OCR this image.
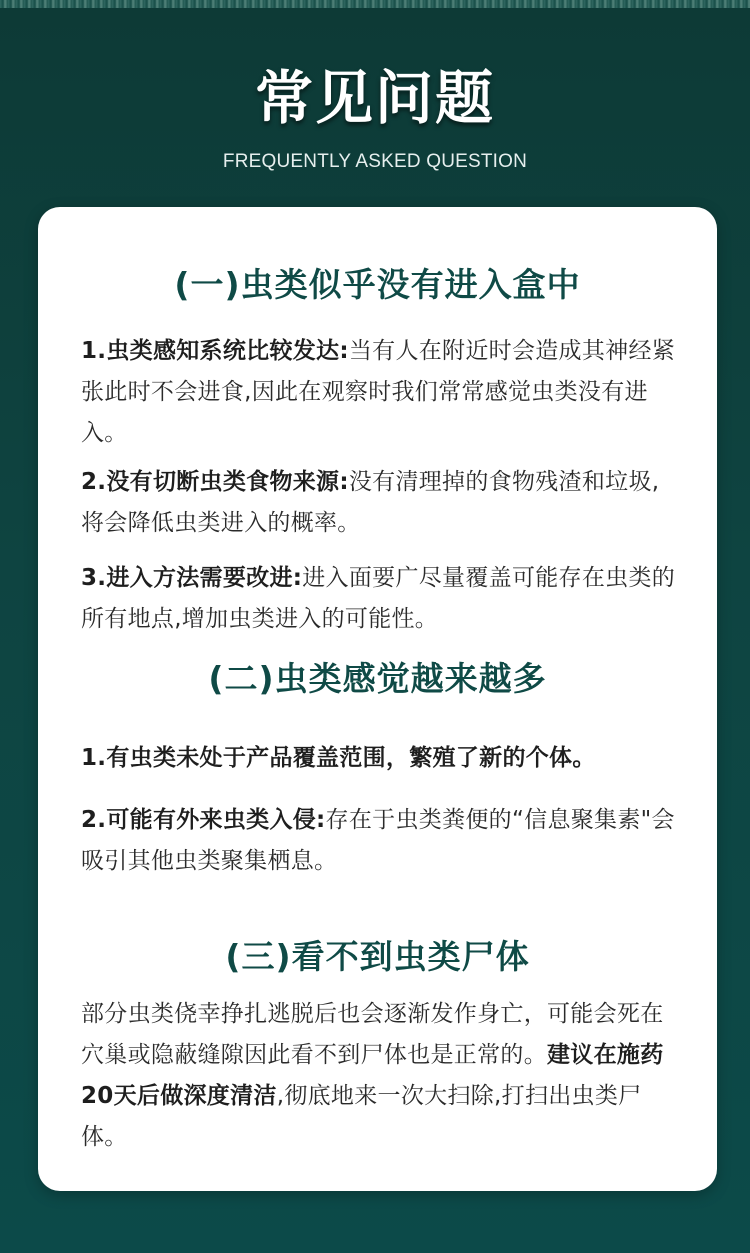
常见问题
FREQUENTLY ASKED QUESTION
(一)虫类似乎没有进入盒中
1.虫类感知系统比较发达:当有人在附近时会造成其神经紧张此时不会进食,因此在观察时我们常常感觉虫类没有进入。
2.没有切断虫类食物来源:没有清理掉的食物残渣和垃圾,将会降低虫类进入的概率。
3.进入方法需要改进:进入面要广尽量覆盖可能存在虫类的所有地点,增加虫类进入的可能性。
(二)虫类感觉越来越多
1.有虫类未处于产品覆盖范围，繁殖了新的个体。
2.可能有外来虫类入侵:存在于虫类粪便的“信息聚集素"会吸引其他虫类聚集栖息。
(三)看不到虫类尸体
部分虫类侥幸挣扎逃脱后也会逐渐发作身亡，可能会死在穴巢或隐蔽缝隙因此看不到尸体也是正常的。建议在施药20天后做深度清洁,彻底地来一次大扫除,打扫出虫类尸体。
